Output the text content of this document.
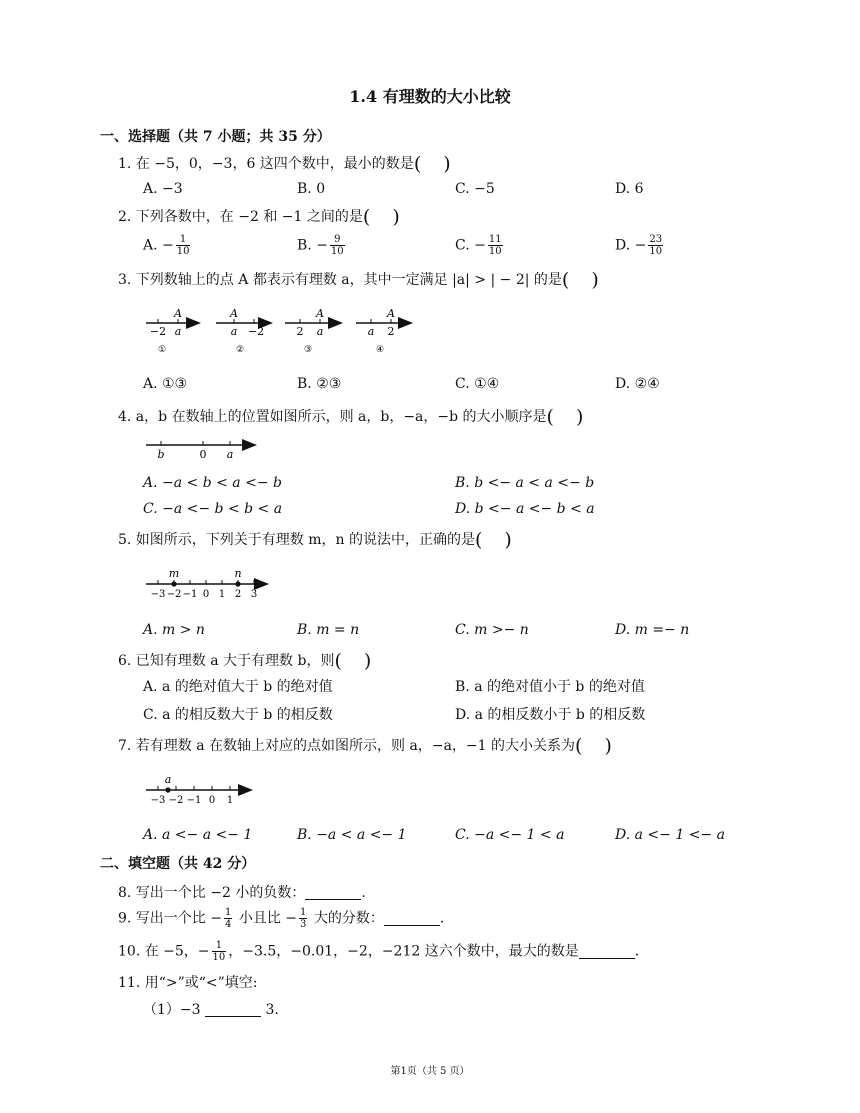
1.4 有理数的大小比较
一、选择题（共 7 小题；共 35 分）
1. 在 −5，0，−3，6 这四个数中，最小的数是( )
A. −3	B. 0	C. −5	D. 6
2. 下列各数中，在 −2 和 −1 之间的是( )
A. − $\frac{1}{10}$	B. − $\frac{9}{10}$	C. − $\frac{11}{10}$	D. − $\frac{23}{10}$
3. 下列数轴上的点 A 都表示有理数 a，其中一定满足 |a| > | − 2| 的是( )
A
−2 a
①
A
a −2
②
A
2 a
③
A
a 2
④
A. ①③	B. ②③	C. ①④	D. ②④
4. a，b 在数轴上的位置如图所示，则 a，b，−a，−b 的大小顺序是( )
b	0 a
A. −a < b < a <− b	B. b <− a < a <− b
C. −a <− b < b < a	D. b <− a <− b < a
5. 如图所示，下列关于有理数 m，n 的说法中，正确的是( )
−3 −2 −1 0 1 2 3
m	n
A. m > n	B. m = n	C. m >− n	D. m =− n
6. 已知有理数 a 大于有理数 b，则( )
A. a 的绝对值大于 b 的绝对值	B. a 的绝对值小于 b 的绝对值
C. a 的相反数大于 b 的相反数	D. a 的相反数小于 b 的相反数
7. 若有理数 a 在数轴上对应的点如图所示，则 a，−a，−1 的大小关系为( )
−3 −2 −1 0 1
a
A. a <− a <− 1	B. −a < a <− 1	C. −a <− 1 < a	D. a <− 1 <− a
二、填空题（共 42 分）
8. 写出一个比 −2 小的负数：	.
9. 写出一个比 − $\frac{1}{4}$ 小且比 − $\frac{1}{3}$ 大的分数：	.
10. 在 −5，− $\frac{1}{10}$ ，−3.5，−0.01，−2，−212 这六个数中，最大的数是	.
11. 用“>”或“<”填空:
（1）−3	3.
第1页（共 5 页）
